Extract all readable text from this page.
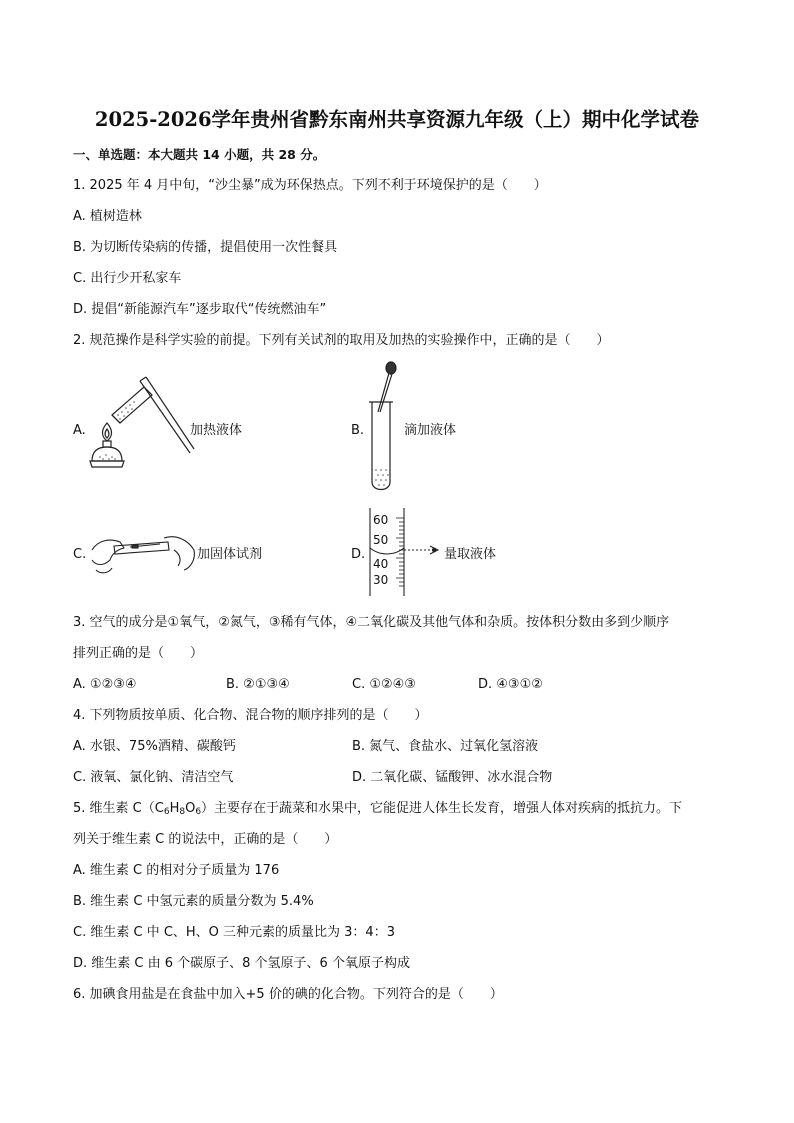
2025-2026学年贵州省黔东南州共享资源九年级（上）期中化学试卷
一、单选题：本大题共 14 小题，共 28 分。
1. 2025 年 4 月中旬，“沙尘暴”成为环保热点。下列不利于环境保护的是（　　）
A. 植树造林
B. 为切断传染病的传播，提倡使用一次性餐具
C. 出行少开私家车
D. 提倡“新能源汽车”逐步取代“传统燃油车”
2. 规范操作是科学实验的前提。下列有关试剂的取用及加热的实验操作中，正确的是（　　）
A.	加热液体	B.	滴加液体
C.	加固体试剂	D.
60
50
40
30
量取液体
3. 空气的成分是①氧气，②氮气，③稀有气体，④二氧化碳及其他气体和杂质。按体积分数由多到少顺序
排列正确的是（　　）
A. ①②③④	B. ②①③④	C. ①②④③	D. ④③①②
4. 下列物质按单质、化合物、混合物的顺序排列的是（　　）
A. 水银、75%酒精、碳酸钙	B. 氮气、食盐水、过氧化氢溶液
C. 液氧、氯化钠、清洁空气	D. 二氧化碳、锰酸钾、冰水混合物
5. 维生素 $C(C_6H_8O_6)$主要存在于蔬菜和水果中，它能促进人体生长发育，增强人体对疾病的抵抗力。下
列关于维生素 C 的说法中，正确的是（　　）
A. 维生素 C 的相对分子质量为 176
B. 维生素 C 中氢元素的质量分数为 5.4%
C. 维生素 C 中 C、H、O 三种元素的质量比为 3：4：3
D. 维生素 C 由 6 个碳原子、8 个氢原子、6 个氧原子构成
6. 加碘食用盐是在食盐中加入+5 价的碘的化合物。下列符合的是（　　）
